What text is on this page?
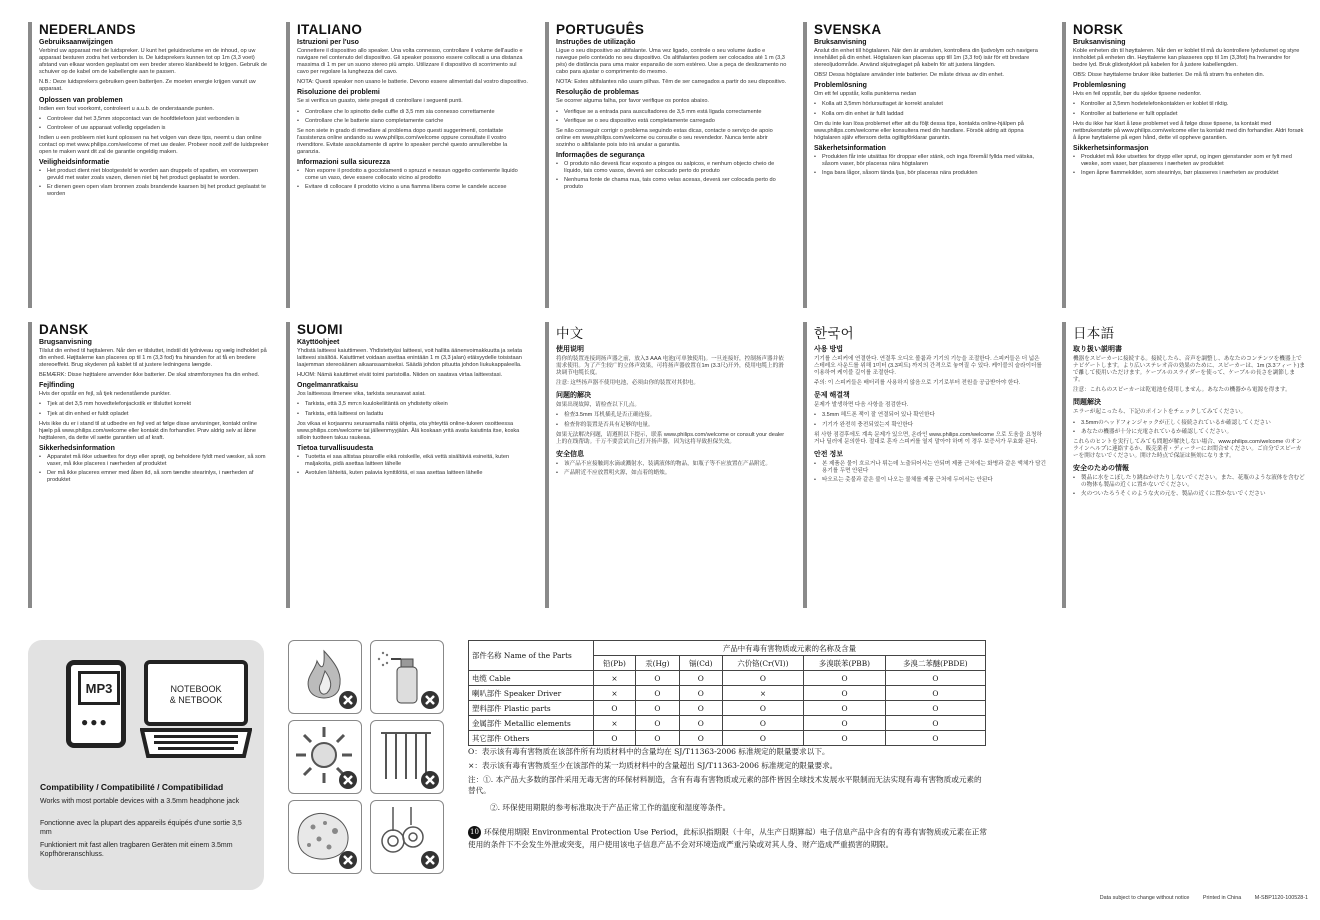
NEDERLANDS
Gebruiksaanwijzingen

Verbind uw apparaat met de luidspreker. U kunt het geluidsvolume en de inhoud, op uw apparaat besturen zodra het verbonden is. De luidsprekers kunnen tot op 1m (3,3 voet) afstand van elkaar worden geplaatst om een breder stereo klankbeeld te krijgen. Gebruik de schuiver op de kabel om de kabellengte aan te passen.

N.B.: Deze luidsprekers gebruiken geen batterijen. Ze moeten energie krijgen vanuit uw apparaat.

Oplossen van problemen

Indien een fout voorkomt, controleert u a.u.b. de onderstaande punten.

• Controleer dat het 3,5mm stopcontact van de hoofdtelefoon juist verbonden is
• Controleer of uw apparaat volledig opgeladen is

Indien u een probleem niet kunt oplossen na het volgen van deze tips, neemt u dan online contact op met www.philips.com/welcome of met uw dealer. Probeer nooit zelf de luidspreker open te maken want dit zal de garantie ongeldig maken.

Veiligheidsinformatie
• Het product dient niet blootgesteld te worden aan druppels of spatten, en voorwerpen gevuld met water zoals vazen, dienen niet bij het product geplaatst te worden.
• Er dienen geen open vlam bronnen zoals brandende kaarsen bij het product geplaatst te worden
ITALIANO
Istruzioni per l'uso

Connettere il dispositivo allo speaker. Una volta connesso, controllare il volume dell'audio e navigare nel contenuto del dispositivo. Gli speaker possono essere collocati a una distanza massima di 1 m per un suono stereo più ampio. Utilizzare il dispositivo di scorrimento sul cavo per regolare la lunghezza del cavo.

NOTA: Questi speaker non usano le batterie. Devono essere alimentati dal vostro dispositivo.

Risoluzione dei problemi

Se si verifica un guasto, siete pregati di controllare i seguenti punti.

• Controllare che lo spinotto delle cuffie di 3,5 mm sia connesso correttamente
• Controllare che le batterie siano completamente cariche

Se non siete in grado di rimediare al problema dopo questi suggerimenti, contattate l'assistenza online andando su www.philips.com/welcome oppure consultate il vostro rivenditore. Evitate assolutamente di aprire lo speaker perché questo annullerebbe la garanzia.

Informazioni sulla sicurezza
• Non esporre il prodotto a gocciolamenti o spruzzi e nessun oggetto contenente liquido come un vaso, deve essere collocato vicino al prodotto
• Evitare di collocare il prodotto vicino a una fiamma libera come le candele accese
PORTUGUÊS
Instruções de utilização

Ligue o seu dispositivo ao altifalante. Uma vez ligado, controle o seu volume áudio e navegue pelo conteúdo no seu dispositivo. Os altifalantes podem ser colocados até 1 m (3,3 pés) de distância para uma maior expansão de som estéreo. Use a peça de deslizamento no cabo para ajustar o comprimento do mesmo.

NOTA: Estes altifalantes não usam pilhas. Têm de ser carregados a partir do seu dispositivo.

Resolução de problemas

Se ocorrer alguma falha, por favor verifique os pontos abaixo.

• Verifique se a entrada para auscultadores de 3,5 mm está ligada correctamente
• Verifique se o seu dispositivo está completamente carregado

Se não conseguir corrigir o problema seguindo estas dicas, contacte o serviço de apoio online em www.philips.com/welcome ou consulte o seu revendedor. Nunca tente abrir sozinho o altifalante pois isto irá anular a garantia.

Informações de segurança
• O produto não deverá ficar exposto a pingos ou salpicos, e nenhum objecto cheio de líquido, tais como vasos, deverá ser colocado perto do produto
• Nenhuma fonte de chama nua, tais como velas acesas, deverá ser colocada perto do produto
SVENSKA
Bruksanvisning

Anslut din enhet till högtalaren. När den är ansluten, kontrollera din ljudvolym och navigera innehållet på din enhet. Högtalaren kan placeras upp till 1m (3,3 fot) isär för ett bredare stereoljudområde. Använd skjutreglaget på kabeln för att justera längden.

OBS! Dessa högtalare använder inte batterier. De måste drivas av din enhet.

Problemlösning

Om ett fel uppstår, kolla punkterna nedan

• Kolla att 3,5mm hörlursuttaget är korrekt anslutet
• Kolla om din enhet är fullt laddad

Om du inte kan lösa problemet efter att du följt dessa tips, kontakta online-hjälpen på www.philips.com/welcome eller konsultera med din handlare. Försök aldrig att öppna högtalaren själv eftersom detta ogiltigförklarar garantin.

Säkerhetsinformation
• Produkten får inte utsättas för droppar eller stänk, och inga föremål fyllda med vätska, såsom vaser, bör placeras nära högtalaren
• Inga bara lågor, såsom tända ljus, bör placeras nära produkten
NORSK
Bruksanvisning

Koble enheten din til høyttaleren. Når den er koblet til må du kontrollere lydvolumet og styre innholdet på enheten din. Høyttalerne kan plasseres opp til 1m (3,3fot) fra hverandre for bedre lyd. Bruk glidestykket på kabelen for å justere kabellengden.

OBS: Disse høyttalerne bruker ikke batterier. De må få strøm fra enheten din.

Problemløsning

Hvis en feil oppstår, bør du sjekke tipsene nedenfor.

• Kontroller at 3,5mm hodetelefonkontakten er koblet til riktig.
• Kontroller at batteriene er fullt oppladet

Hvis du ikke har klart å løse problemet ved å følge disse tipsene, ta kontakt med nettbrukerstøtte på www.philips.com/welcome eller ta kontakt med din forhandler. Aldri forsøk å åpne høyttalerne på egen hånd, dette vil oppheve garantien.

Sikkerhetsinformasjon
• Produktet må ikke utsettes for drypp eller sprut, og ingen gjenstander som er fylt med væske, som vaser, bør plasseres i nærheten av produktet
• Ingen åpne flammekilder, som stearinlys, bør plasseres i nærheten av produktet
DANSK
Brugsanvisning

Tilslut din enhed til højttaleren. Når den er tilsluttet, indstil dit lydniveau og vælg indholdet på din enhed. Højttalerne kan placeres op til 1 m (3,3 fod) fra hinanden for at få en bredere stereoeffekt. Brug skyderen på kablet til at justere ledningens længde.

BEMÆRK: Disse højttalere anvender ikke batterier. De skal strømforsynes fra din enhed.

Fejlfinding

Hvis der opstår en fejl, så tjek nedenstående punkter.

• Tjek at det 3,5 mm hovedtelefonjackstik er tilsluttet korrekt
• Tjek at din enhed er fuldt opladet

Hvis ikke du er i stand til at udbedre en fejl ved at følge disse anvisninger, kontakt online hjælp på www.philips.com/welcome eller kontakt din forhandler. Prøv aldrig selv at åbne højttaleren, da dette vil sætte garantien ud af kraft.

Sikkerhedsinformation
• Apparatet må ikke udsættes for dryp eller sprøjt, og beholdere fyldt med væsker, så som vaser, må ikke placeres i nærheden af produktet
• Der må ikke placeres emner med åben ild, så som tændte stearinlys, i nærheden af produktet
SUOMI
Käyttöohjeet

Yhdistä laitteesi kaiuttimeen. Yhdistettyäsi laitteesi, voit hallita äänenvoimakkuutta ja selata laitteesi sisältöä. Kaiuttimet voidaan asettaa enintään 1 m (3,3 jalan) etäisyydelle toisistaan laajemman stereoäänen aikaansaamiseksi. Säädä johdon pituutta johdon liukukappaleella.

HUOM: Nämä kaiuttimet eivät toimi paristoilla. Niiden on saatava virtaa laitteestasi.

Ongelmanratkaisu

Jos laitteessa ilmenee vika, tarkista seuraavat asiat.

• Tarkista, että 3,5 mm:n kuulokeliitäntä on yhdistetty oikein
• Tarkista, että laitteesi on ladattu

Jos vikaa ei korjaannu seuraamalla näitä ohjeita, ota yhteyttä online-tukeen osoitteessa www.philips.com/welcome tai jälleenmyyjään. Älä koskaan yritä avata kaiutinta itse, koska silloin tuotteen takuu raukeaa.

Tietoa turvallisuudesta
• Tuotetta ei saa altistaa pisaroille eikä roiskeille, eikä vettä sisältäviä esineitä, kuten maljakoita, pidä asettaa laitteen lähelle
• Avotulen lähteitä, kuten palavia kynttilöitä, ei saa asettaa laitteen lähelle
中文
使用说明

将你的装置连接到扬声器之前，放入3 AAA 电池(可单独使用)。一旦连接好，控制扬声器并依需求使用。为了产生较广的立体声效果，可将扬声器放置在1m (3.3尺)开外，使用电缆上的滑块调节电缆长度。

注意: 这些扬声器不使用电池，必须由你的装置对其供电。

问题的解决

如果出现故障，请检查以下几点。

• 检查3.5mm 耳机插孔是否正确连接。
• 检查你的装置是否具有足够的电量。

如果无法解决问题，请遵照以下提示，联系 www.philips.com/welcome or consult your dealer上的在线帮助。千万不要尝试自己打开扬声器，因为这将导致担保失效。

安全信息
• 该产品不应接触到水滴或溅射水，装满液体的物品，如瓶子等不应放置在产品附近。
• 产品附近不应放置明火源，如点着的蜡烛。
한국어
사용 방법

기기를 스피커에 연결한다. 연결후 오디오 볼륨과 기기의 기능을 조절한다. 스피커들은 더 넓은 스테레오 사운드를 위해 1미터 (3.3피트) 까지의 간격으로 놓여질 수 있다. 케이블의 슬라이더를 이용하여 케이블 길이를 조절한다.

주의: 이 스피커들은 배터리를 사용하지 않음으로 기기로부터 전원을 공급받아야 한다.

문제 해결책

문제가 발생하면 다음 사항을 점검한다.

• 3.5mm 헤드폰 잭이 잘 연결되어 있나 확인한다
• 기기가 완전히 충전되었는지 확인한다

위 사항 점검후에도 계속 문제가 있으면, 온라인 www.philips.com/welcome 으로 도움을 요청하거나 딜러에 문의한다. 절대로 혼자 스피커를 열지 말아야 하며 이 경우 보증서가 무효화 된다.

안전 정보
• 본 제품은 물이 흐르거나 튀는데 노출되어서는 안되며 제품 근처에는 화병과 같은 액체가 담긴 용기를 두면 안된다
• 타오르는 촛불과 같은 불이 나오는 물체를 제품 근처에 두어서는 안된다
日本語
取り扱い説明書

機器をスピーカーに接続する。接続したら、音声を調整し、あなたのコンテンツを機器上でナビゲートします。より広いステレオ音の効果のために、スピーカーは、1m (3.3フィート)まで離して使用いただけます。ケーブルのスライダーを使って、ケーブルの長さを調節します。

注意：これらのスピーカーは乾電池を使用しません。あなたの機器から電源を得ます。

問題解決

エラーが起こったら、下記のポイントをチェックしてみてください。

• 3.5mmのヘッドフォンジャックが正しく接続されているか確認してください
• あなたの機器が十分に充電されているか確認してください。

これらのヒントを実行してみても問題が解決しない場合、www.philips.com/welcome のオンラインヘルプに連絡するか、販売業者・ディーラーにお問合せください。ご自分でスピーカーを開けないでください。開けた時点で保証は無効になります。

安全のための情報
• 製品に水をこぼしたり跳ねかけたりしないでください。また、花瓶のような液体を含むどの物体も製品の近くに置かないでください。
• 火のついたろうそくのような火の元を、製品の近くに置かないでください
MP3
●●●
NOTEBOOK
& NETBOOK
Compatibility / Compatibilité / Compatibilidad
Works with most portable devices with a 3.5mm headphone jack
Fonctionne avec la plupart des appareils équipés d'une sortie 3,5 mm
Funktioniert mit fast allen tragbaren Geräten mit einem 3.5mm Kopfhöreranschluss.
部件名称 Name of the Parts	产品中有毒有害物质或元素的名称及含量					
	铅(Pb)	汞(Hg)	镉(Cd)	六价铬(Cr(VI))	多溴联苯(PBB)	多溴二苯醚(PBDE)
电缆 Cable	×	O	O	O	O	O
喇叭部件 Speaker Driver	×	O	O	×	O	O
塑料部件 Plastic parts	O	O	O	O	O	O
金属部件 Metallic elements	×	O	O	O	O	O
其它部件 Others	O	O	O	O	O	O
O：表示该有毒有害物质在该部件所有均质材料中的含量均在 SJ/T11363-2006 标准规定的限量要求以下。
×：表示该有毒有害物质至少在该部件的某一均质材料中的含量超出 SJ/T11363-2006 标准规定的限量要求。
注：①. 本产品大多数的部件采用无毒无害的环保材料制造，含有有毒有害物质或元素的部件皆因全球技术发展水平限制而无法实现有毒有害物质或元素的替代。
②. 环保使用期限的参考标准取决于产品正常工作的温度和湿度等条件。
10 环保使用期限 Environmental Protection Use Period，此标识指期限（十年，从生产日期算起）电子信息产品中含有的有毒有害物质或元素在正常使用的条件下不会发生外泄或突变，用户使用该电子信息产品不会对环境造成严重污染或对其人身、财产造成严重损害的期限。
Data subject to change without notice	Printed in China	M-SBP1120-100528-1
